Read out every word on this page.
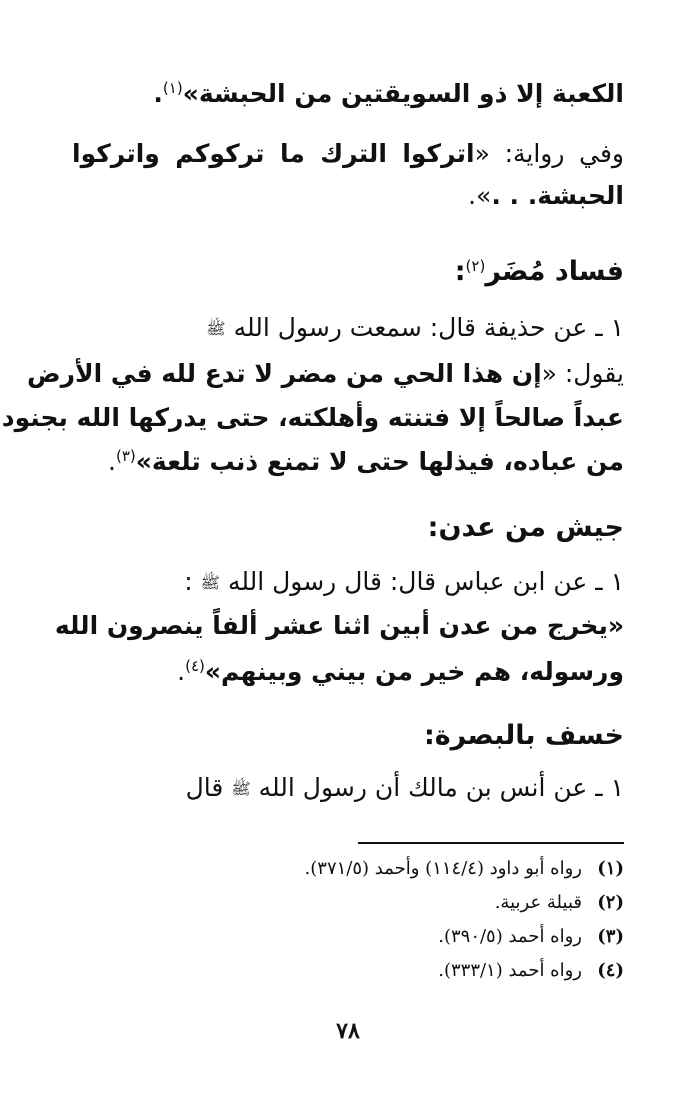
الكعبة إلا ذو السويقتين من الحبشة»$^{(١)}$.
وفي رواية: «اتركوا الترك ما تركوكم واتركوا
الحبشة. . .».
فساد مُضَر$^{(٢)}$:
١ ـ عن حذيفة قال: سمعت رسول الله ﷺ
يقول: «إن هذا الحي من مضر لا تدع لله في الأرض
عبداً صالحاً إلا فتنته وأهلكته، حتى يدركها الله بجنود
من عباده، فيذلها حتى لا تمنع ذنب تلعة»$^{(٣)}$.
جيش من عدن:
١ ـ عن ابن عباس قال: قال رسول الله ﷺ :
«يخرج من عدن أبين اثنا عشر ألفاً ينصرون الله
ورسوله، هم خير من بيني وبينهم»$^{(٤)}$.
خسف بالبصرة:
١ ـ عن أنس بن مالك أن رسول الله ﷺ قال
(١)رواه أبو داود (١١٤/٤) وأحمد (٣٧١/٥).
(٢)قبيلة عربية.
(٣)رواه أحمد (٣٩٠/٥).
(٤)رواه أحمد (٣٣٣/١).
٧٨
